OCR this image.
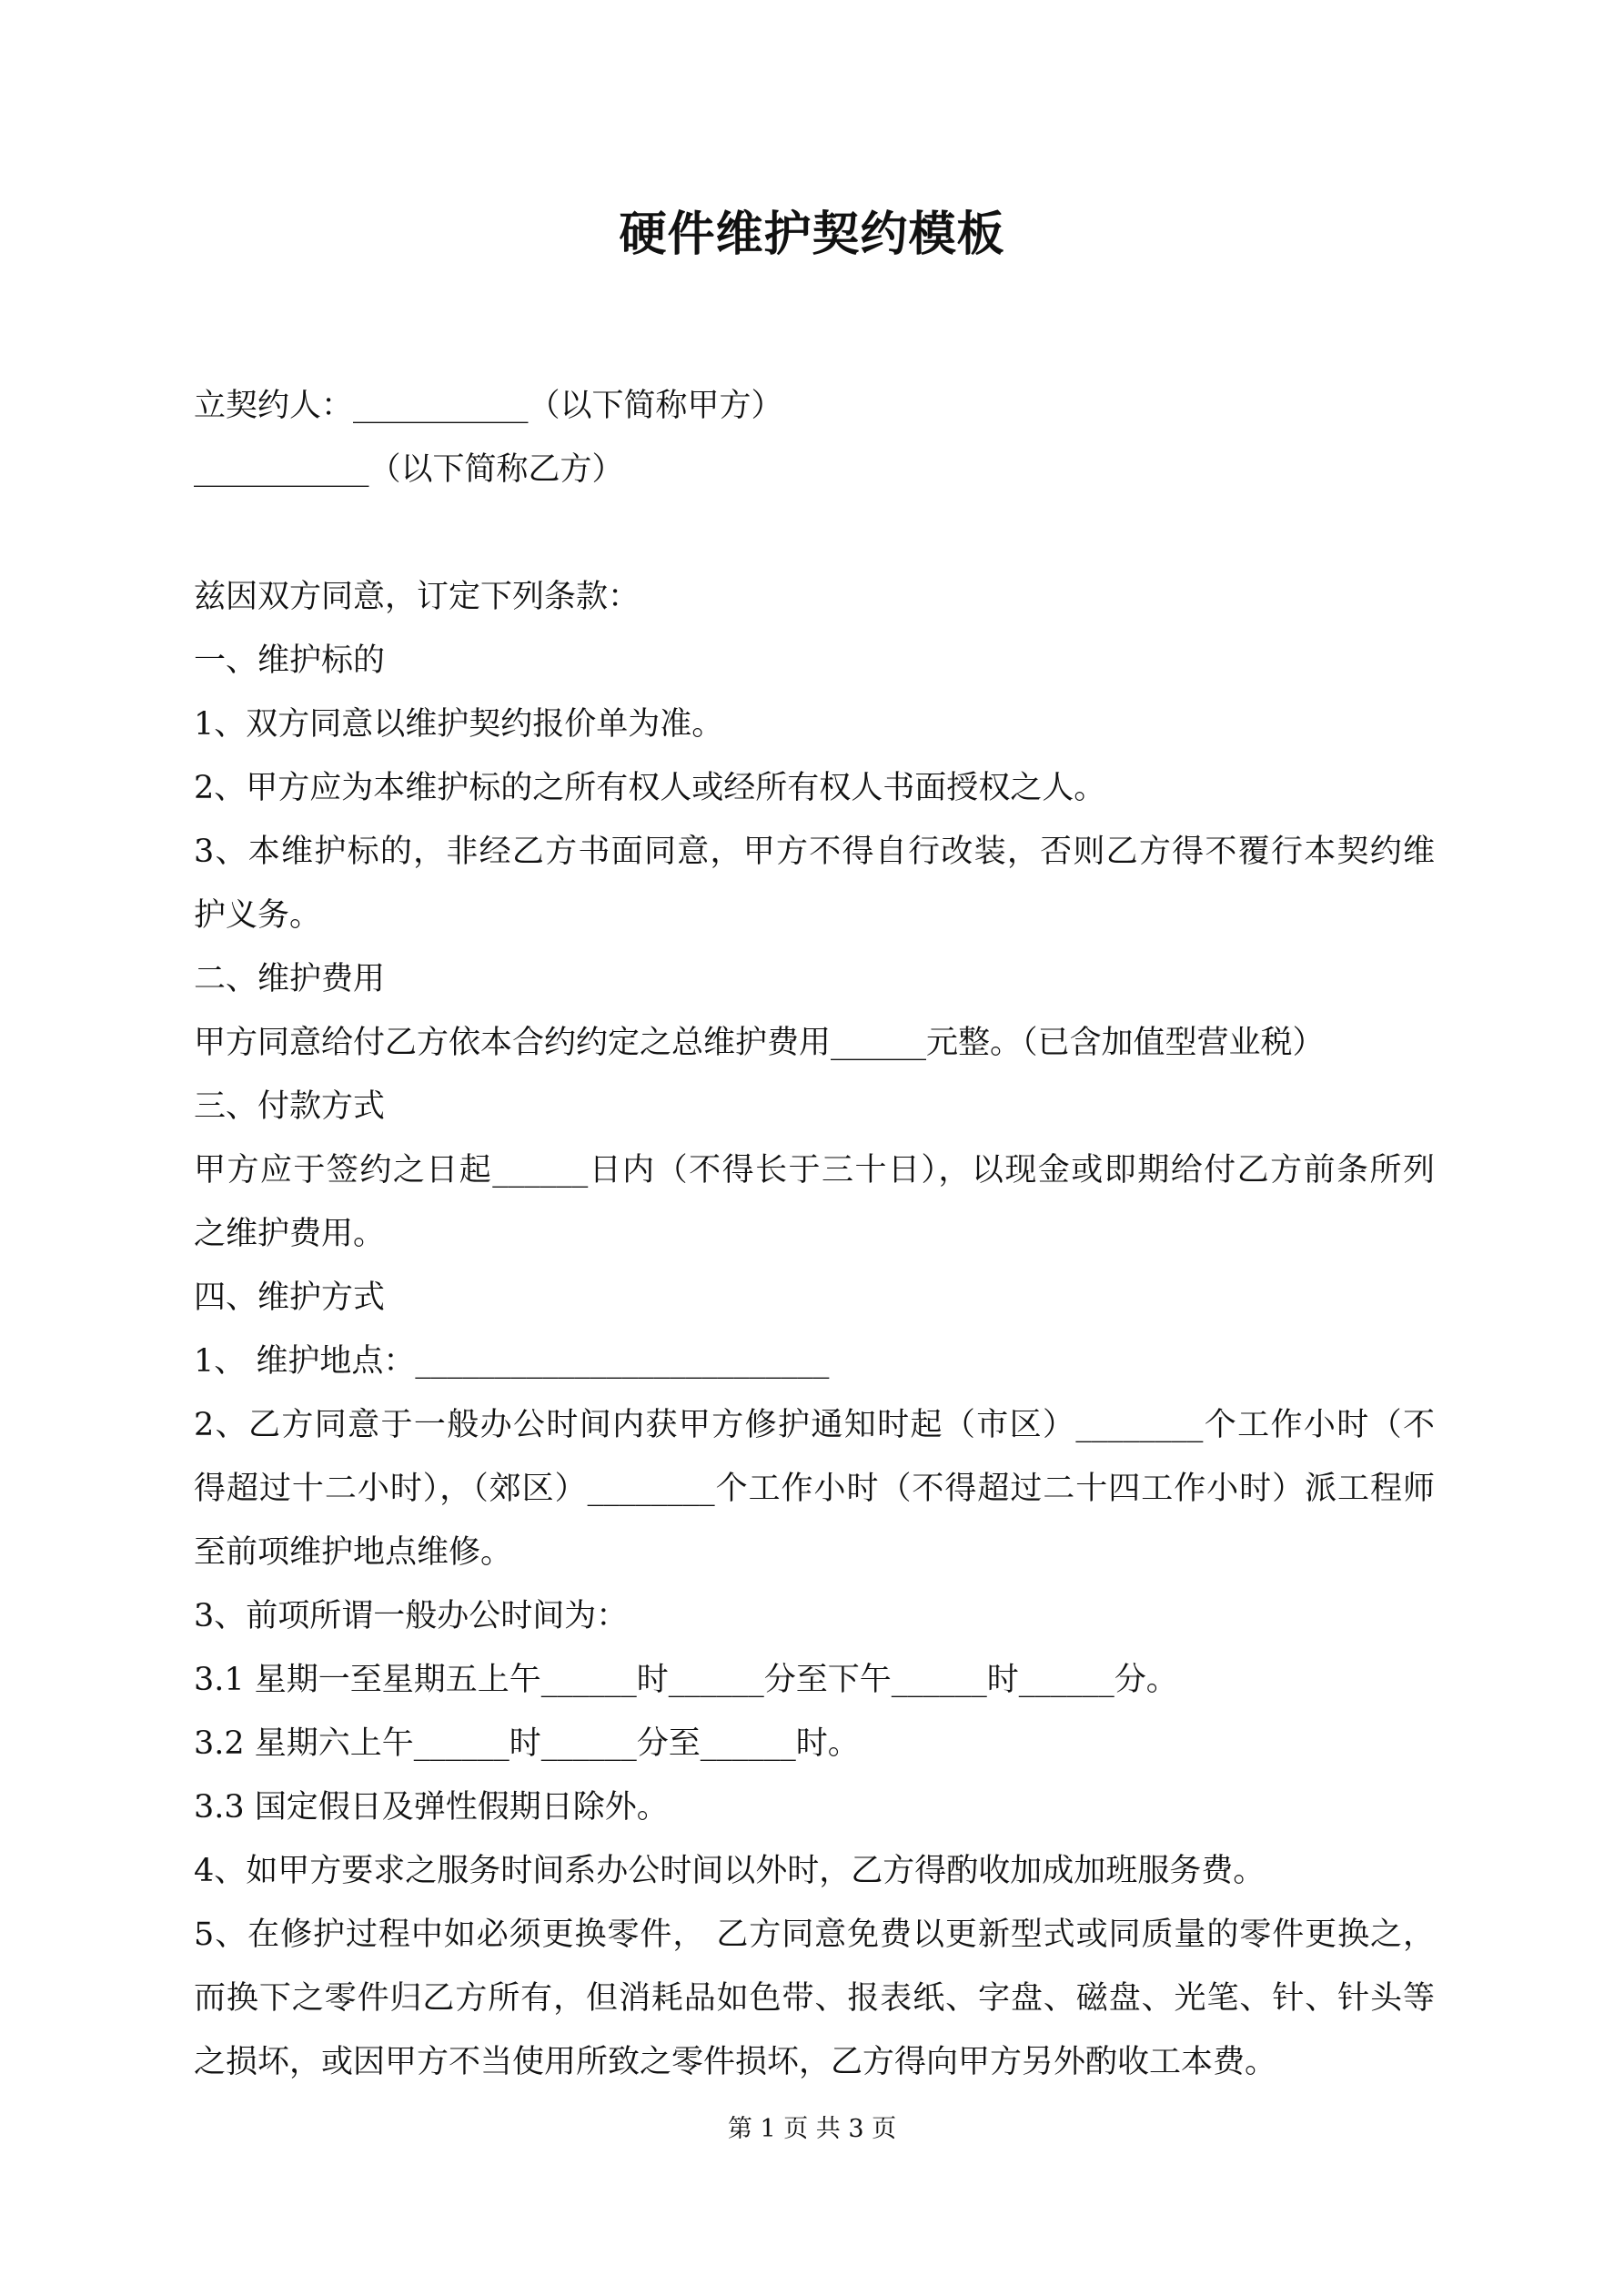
硬件维护契约模板
立契约人：___________（以下简称甲方）
___________（以下简称乙方）
兹因双方同意，订定下列条款：
一、维护标的
1、双方同意以维护契约报价单为准。
2、甲方应为本维护标的之所有权人或经所有权人书面授权之人。
3、本维护标的，非经乙方书面同意，甲方不得自行改装，否则乙方得不覆行本契约维
护义务。
二、维护费用
甲方同意给付乙方依本合约约定之总维护费用______元整。（已含加值型营业税）
三、付款方式
甲方应于签约之日起______日内（不得长于三十日），以现金或即期给付乙方前条所列
之维护费用。
四、维护方式
1、 维护地点：__________________________
2、乙方同意于一般办公时间内获甲方修护通知时起（市区）________个工作小时（不
得超过十二小时），（郊区）________个工作小时（不得超过二十四工作小时）派工程师
至前项维护地点维修。
3、前项所谓一般办公时间为：
3.1 星期一至星期五上午______时______分至下午______时______分。
3.2 星期六上午______时______分至______时。
3.3 国定假日及弹性假期日除外。
4、如甲方要求之服务时间系办公时间以外时，乙方得酌收加成加班服务费。
5、在修护过程中如必须更换零件， 乙方同意免费以更新型式或同质量的零件更换之，
而换下之零件归乙方所有，但消耗品如色带、报表纸、字盘、磁盘、光笔、针、针头等
之损坏，或因甲方不当使用所致之零件损坏，乙方得向甲方另外酌收工本费。
第 1 页 共 3 页
